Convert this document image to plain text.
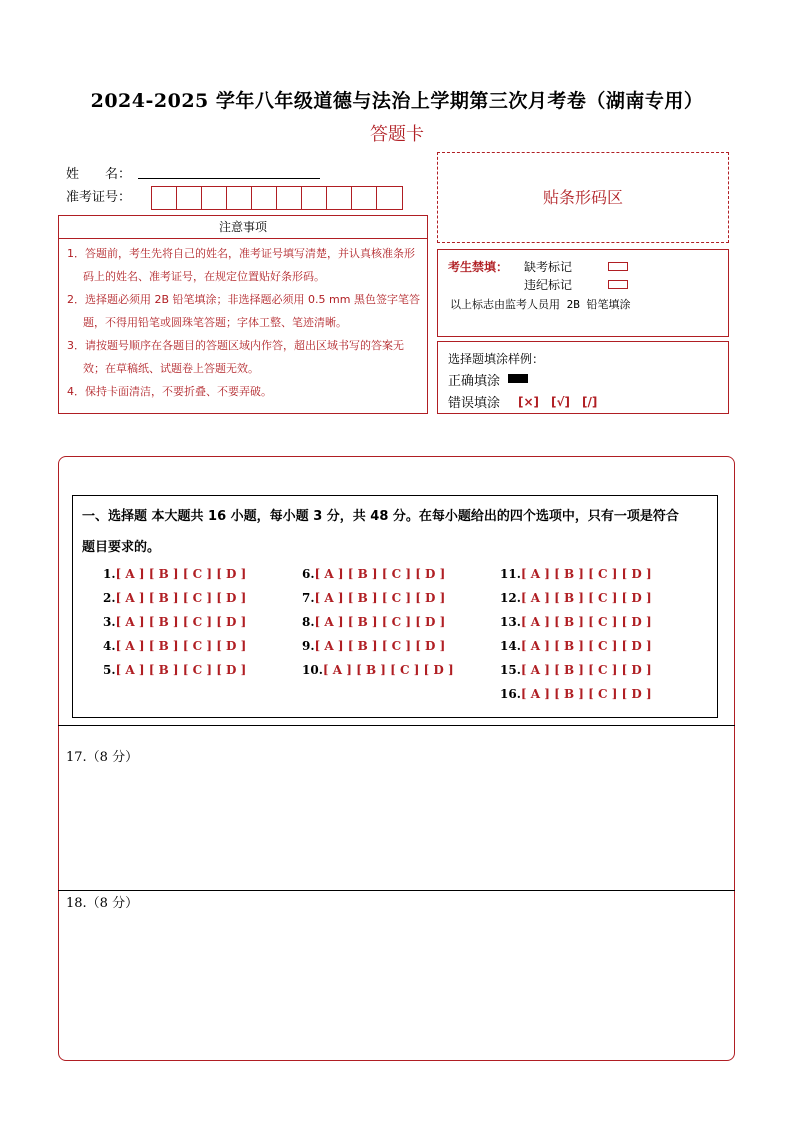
2024-2025 学年八年级道德与法治上学期第三次月考卷（湖南专用）
答题卡
姓　　名：
准考证号：	贴条形码区
注意事项
1．答题前，考生先将自己的姓名，准考证号填写清楚，并认真核准条形码上的姓名、准考证号，在规定位置贴好条形码。
2．选择题必须用 2B 铅笔填涂；非选择题必须用 0.5 mm 黑色签字笔答题，不得用铅笔或圆珠笔答题；字体工整、笔迹清晰。
3．请按题号顺序在各题目的答题区域内作答，超出区域书写的答案无效；在草稿纸、试题卷上答题无效。
4．保持卡面清洁，不要折叠、不要弄破。
考生禁填： 缺考标记
违纪标记
以上标志由监考人员用 2B 铅笔填涂
选择题填涂样例：
正确填涂
错误填涂 [×]　[√]　[/]
一、选择题 本大题共 16 小题，每小题 3 分，共 48 分。在每小题给出的四个选项中，只有一项是符合
题目要求的。
1.[ A ] [ B ] [ C ] [ D ]
2.[ A ] [ B ] [ C ] [ D ]
3.[ A ] [ B ] [ C ] [ D ]
4.[ A ] [ B ] [ C ] [ D ]
5.[ A ] [ B ] [ C ] [ D ]
6.[ A ] [ B ] [ C ] [ D ]
7.[ A ] [ B ] [ C ] [ D ]
8.[ A ] [ B ] [ C ] [ D ]
9.[ A ] [ B ] [ C ] [ D ]
10.[ A ] [ B ] [ C ] [ D ]
11.[ A ] [ B ] [ C ] [ D ]
12.[ A ] [ B ] [ C ] [ D ]
13.[ A ] [ B ] [ C ] [ D ]
14.[ A ] [ B ] [ C ] [ D ]
15.[ A ] [ B ] [ C ] [ D ]
16.[ A ] [ B ] [ C ] [ D ]
17.（8 分）
18.（8 分）
